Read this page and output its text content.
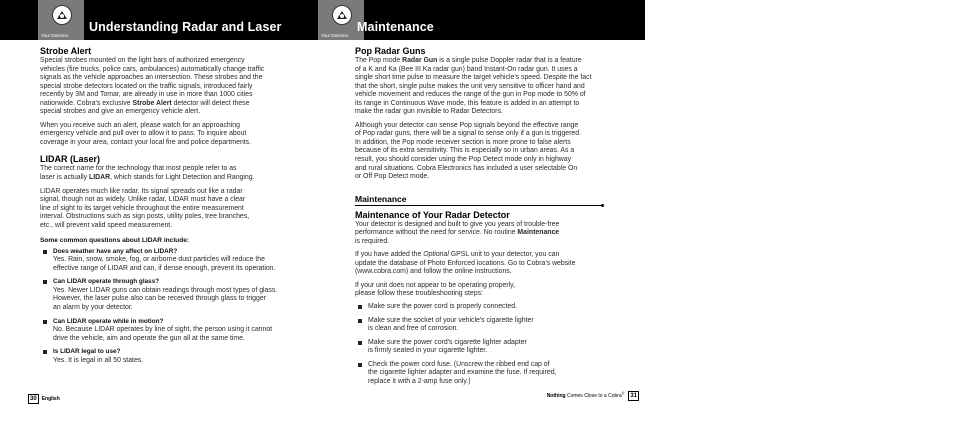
Your Detector
Understanding Radar and Laser
Strobe Alert

Special strobes mounted on the light bars of authorized emergency
vehicles (fire trucks, police cars, ambulances) automatically change traffic
signals as the vehicle approaches an intersection. These strobes and the
special strobe detectors located on the traffic signals, introduced fairly
recently by 3M and Tomar, are already in use in more than 1000 cities
nationwide. Cobra's exclusive Strobe Alert detector will detect these
special strobes and give an emergency vehicle alert.

When you receive such an alert, please watch for an approaching
emergency vehicle and pull over to allow it to pass. To inquire about
coverage in your area, contact your local fire and police departments.

LIDAR (Laser)

The correct name for the technology that most people refer to as
laser is actually LIDAR, which stands for Light Detection and Ranging.

LIDAR operates much like radar. Its signal spreads out like a radar
signal, though not as widely. Unlike radar, LIDAR must have a clear
line of sight to its target vehicle throughout the entire measurement
interval. Obstructions such as sign posts, utility poles, tree branches,
etc., will prevent valid speed measurement.

Some common questions about LIDAR include:
Does weather have any affect on LIDAR?
Yes. Rain, snow, smoke, fog, or airborne dust particles will reduce the
effective range of LIDAR and can, if dense enough, prevent its operation.
Can LIDAR operate through glass?
Yes. Newer LIDAR guns can obtain readings through most types of glass.
However, the laser pulse also can be received through glass to trigger
an alarm by your detector.
Can LIDAR operate while in motion?
No. Because LIDAR operates by line of sight, the person using it cannot
drive the vehicle, aim and operate the gun all at the same time.
Is LIDAR legal to use?
Yes. It is legal in all 50 states.
30 English
Your Detector
Maintenance
Pop Radar Guns

The Pop mode Radar Gun is a single pulse Doppler radar that is a feature
of a K and Ka (Bee III Ka radar gun) band Instant-On radar gun. It uses a
single short time pulse to measure the target vehicle's speed. Despite the fact
that the short, single pulse makes the unit very sensitive to officer hand and
vehicle movement and reduces the range of the gun in Pop mode to 50% of
its range in Continuous Wave mode, this feature is added in an attempt to
make the radar gun invisible to Radar Detectors.

Although your detector can sense Pop signals beyond the effective range
of Pop radar guns, there will be a signal to sense only if a gun is triggered.
In addition, the Pop mode receiver section is more prone to false alerts
because of its extra sensitivity. This is especially so in urban areas. As a
result, you should consider using the Pop Detect mode only in highway
and rural situations. Cobra Electronics has included a user selectable On
or Off Pop Detect mode.

Maintenance
Maintenance of Your Radar Detector

Your detector is designed and built to give you years of trouble-free
performance without the need for service. No routine Maintenance
is required.

If you have added the Optional GPSL unit to your detector, you can
update the database of Photo Enforced locations. Go to Cobra's website
(www.cobra.com) and follow the online instructions.

If your unit does not appear to be operating properly,
please follow these troubleshooting steps:

Make sure the power cord is properly connected.

Make sure the socket of your vehicle's cigarette lighter
is clean and free of corrosion.

Make sure the power cord's cigarette lighter adapter
is firmly seated in your cigarette lighter.

Check the power cord fuse. (Unscrew the ribbed end cap of
the cigarette lighter adapter and examine the fuse. If required,
replace it with a 2-amp fuse only.)

Nothing Comes Close to a Cobra® 31
